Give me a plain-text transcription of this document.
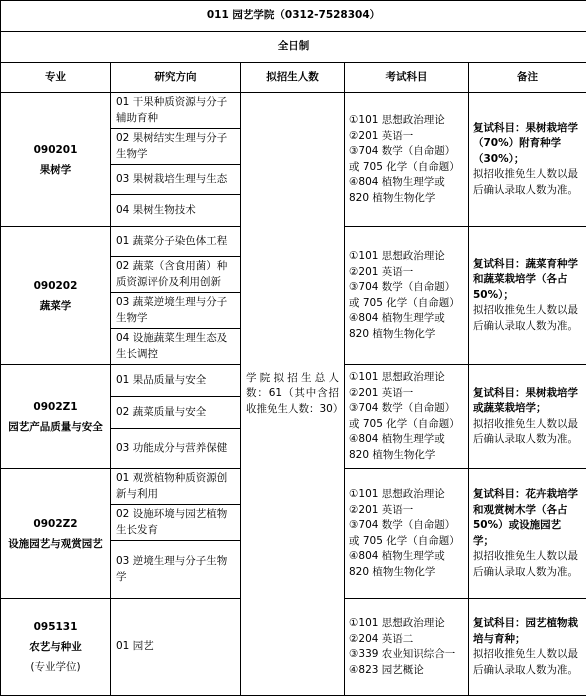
011 园艺学院（0312-7528304）				
全日制				
专业	研究方向	拟招生人数	考试科目	备注

090201
果树学	01 干果种质资源与分子辅助育种	学院拟招生总人数：61（其中含招收推免生人数：30）	①101 思想政治理论
②201 英语一
③704 数学（自命题）或 705 化学（自命题）
④804 植物生理学或 820 植物生物化学	复试科目：果树栽培学（70%）附育种学（30%）；
拟招收推免生人数以最后确认录取人数为准。

	02 果树结实生理与分子生物学			
	03 果树栽培生理与生态			
	04 果树生物技术			

090202
蔬菜学	01 蔬菜分子染色体工程		①101 思想政治理论
②201 英语一
③704 数学（自命题）或 705 化学（自命题）
④804 植物生理学或 820 植物生物化学	复试科目：蔬菜育种学和蔬菜栽培学（各占 50%）；
拟招收推免生人数以最后确认录取人数为准。

	02 蔬菜（含食用菌）种质资源评价及利用创新			
	03 蔬菜逆境生理与分子生物学			
	04 设施蔬菜生理生态及生长调控			

0902Z1
园艺产品质量与安全	01 果品质量与安全		①101 思想政治理论
②201 英语一
③704 数学（自命题）或 705 化学（自命题）
④804 植物生理学或 820 植物生物化学	复试科目：果树栽培学或蔬菜栽培学；
拟招收推免生人数以最后确认录取人数为准。

	02 蔬菜质量与安全			
	03 功能成分与营养保健			

0902Z2
设施园艺与观赏园艺	01 观赏植物种质资源创新与利用		①101 思想政治理论
②201 英语一
③704 数学（自命题）或 705 化学（自命题）
④804 植物生理学或 820 植物生物化学	复试科目：花卉栽培学和观赏树木学（各占 50%）或设施园艺学；
拟招收推免生人数以最后确认录取人数为准。

	02 设施环境与园艺植物生长发育			
	03 逆境生理与分子生物学			

095131
农艺与种业
(专业学位)	01 园艺		①101 思想政治理论
②204 英语二
③339 农业知识综合一
④823 园艺概论	复试科目：园艺植物栽培与育种；
拟招收推免生人数以最后确认录取人数为准。
